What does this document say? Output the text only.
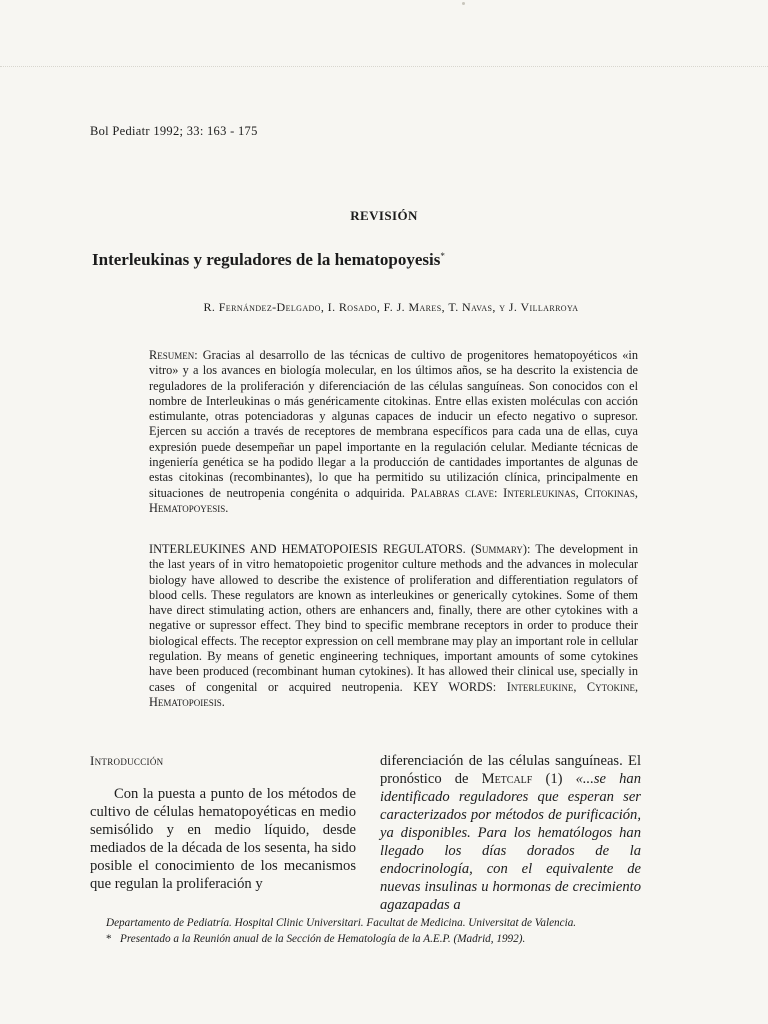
Bol Pediatr 1992; 33: 163 - 175
REVISIÓN
Interleukinas y reguladores de la hematopoyesis*
R. Fernández-Delgado, I. Rosado, F. J. Mares, T. Navas, y J. Villarroya
Resumen: Gracias al desarrollo de las técnicas de cultivo de progenitores hematopoyéticos «in vitro» y a los avances en biología molecular, en los últimos años, se ha descrito la existencia de reguladores de la proliferación y diferenciación de las células sanguíneas. Son conocidos con el nombre de Interleukinas o más genéricamente citokinas. Entre ellas existen moléculas con acción estimulante, otras potenciadoras y algunas capaces de inducir un efecto negativo o supresor. Ejercen su acción a través de receptores de membrana específicos para cada una de ellas, cuya expresión puede desempeñar un papel importante en la regulación celular. Mediante técnicas de ingeniería genética se ha podido llegar a la producción de cantidades importantes de algunas de estas citokinas (recombinantes), lo que ha permitido su utilización clínica, principalmente en situaciones de neutropenia congénita o adquirida. Palabras clave: Interleukinas, Citokinas, Hematopoyesis.
INTERLEUKINES AND HEMATOPOIESIS REGULATORS. (Summary): The development in the last years of in vitro hematopoietic progenitor culture methods and the advances in molecular biology have allowed to describe the existence of proliferation and differentiation regulators of blood cells. These regulators are known as interleukines or generically cytokines. Some of them have direct stimulating action, others are enhancers and, finally, there are other cytokines with a negative or supressor effect. They bind to specific membrane receptors in order to produce their biological effects. The receptor expression on cell membrane may play an important role in cellular regulation. By means of genetic engineering techniques, important amounts of some cytokines have been produced (recombinant human cytokines). It has allowed their clinical use, specially in cases of congenital or acquired neutropenia. KEY WORDS: Interleukine, Cytokine, Hematopoiesis.
Introducción
Con la puesta a punto de los métodos de cultivo de células hematopoyéticas en medio semisólido y en medio líquido, desde mediados de la década de los sesenta, ha sido posible el conocimiento de los mecanismos que regulan la proliferación y
diferenciación de las células sanguíneas. El pronóstico de Metcalf (1) «...se han identificado reguladores que esperan ser caracterizados por métodos de purificación, ya disponibles. Para los hematólogos han llegado los días dorados de la endocrinología, con el equivalente de nuevas insulinas u hormonas de crecimiento agazapadas a
Departamento de Pediatría. Hospital Clinic Universitari. Facultat de Medicina. Universitat de Valencia.
* Presentado a la Reunión anual de la Sección de Hematología de la A.E.P. (Madrid, 1992).
